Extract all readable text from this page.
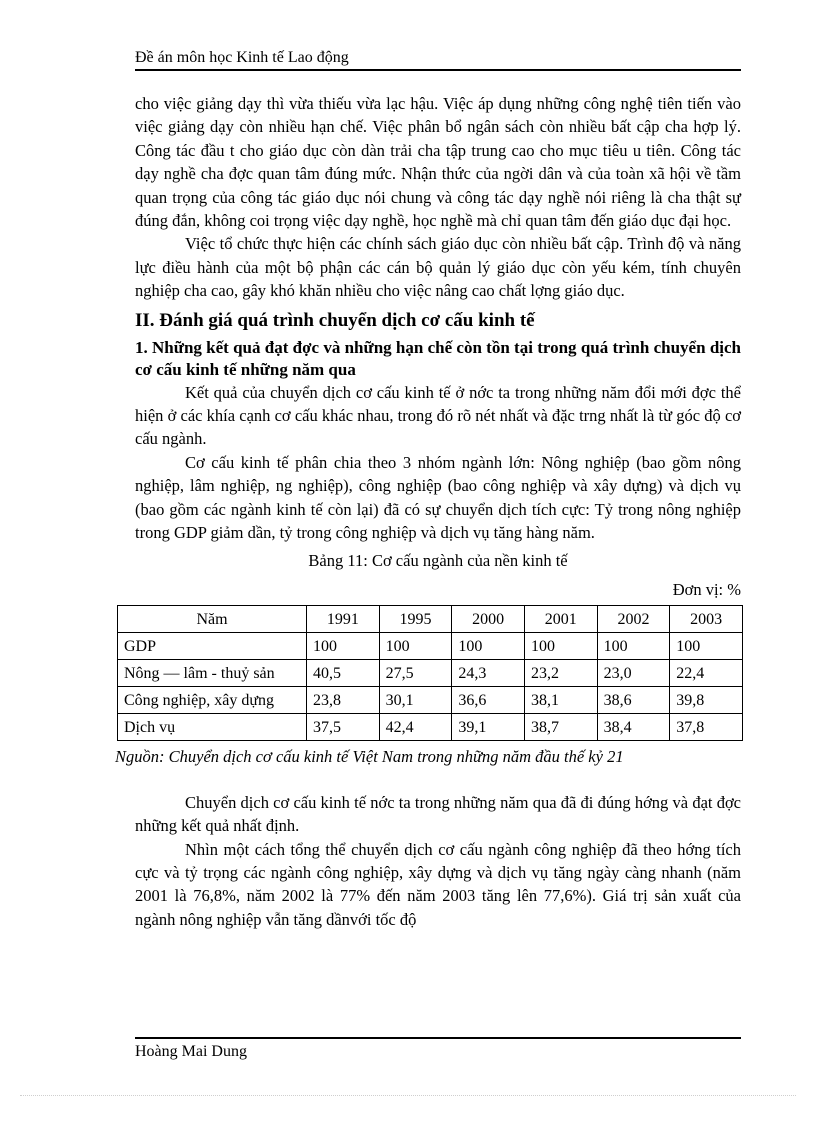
Đề án môn học Kinh tế Lao động

cho việc giảng dạy thì vừa thiếu vừa lạc hậu. Việc áp dụng những công nghệ tiên tiến vào việc giảng dạy còn nhiều hạn chế. Việc phân bổ ngân sách còn nhiều bất cập cha hợp lý. Công tác đầu t cho giáo dục còn dàn trải cha tập trung cao cho mục tiêu u tiên. Công tác dạy nghề cha đợc quan tâm đúng mức. Nhận thức của ngời dân và của toàn xã hội về tầm quan trọng của công tác giáo dục nói chung và công tác dạy nghề nói riêng là cha thật sự đúng đắn, không coi trọng việc dạy nghề, học nghề mà chỉ quan tâm đến giáo dục đại học.

Việc tổ chức thực hiện các chính sách giáo dục còn nhiều bất cập. Trình độ và năng lực điều hành của một bộ phận các cán bộ quản lý giáo dục còn yếu kém, tính chuyên nghiệp cha cao, gây khó khăn nhiều cho việc nâng cao chất lợng giáo dục.

II. Đánh giá quá trình chuyển dịch cơ cấu kinh tế
1. Những kết quả đạt đợc và những hạn chế còn tồn tại trong quá trình chuyển dịch cơ cấu kinh tế những năm qua

Kết quả của chuyển dịch cơ cấu kinh tế ở nớc ta trong những năm đổi mới đợc thể hiện ở các khía cạnh cơ cấu khác nhau, trong đó rõ nét nhất và đặc trng nhất là từ góc độ cơ cấu ngành.

Cơ cấu kinh tế phân chia theo 3 nhóm ngành lớn: Nông nghiệp (bao gồm nông nghiệp, lâm nghiệp, ng nghiệp), công nghiệp (bao công nghiệp và xây dựng) và dịch vụ (bao gồm các ngành kinh tế còn lại) đã có sự chuyển dịch tích cực: Tỷ trong nông nghiệp trong GDP giảm dần, tỷ trong công nghiệp và dịch vụ tăng hàng năm.

Bảng 11: Cơ cấu ngành của nền kinh tế
Đơn vị: %
Năm	1991	1995	2000	2001	2002	2003
GDP	100	100	100	100	100	100
Nông — lâm - thuỷ sản	40,5	27,5	24,3	23,2	23,0	22,4
Công nghiệp, xây dựng	23,8	30,1	36,6	38,1	38,6	39,8
Dịch vụ	37,5	42,4	39,1	38,7	38,4	37,8
Nguồn: Chuyển dịch cơ cấu kinh tế Việt Nam trong những năm đầu thế kỷ 21

Chuyển dịch cơ cấu kinh tế nớc ta trong những năm qua đã đi đúng hớng và đạt đợc những kết quả nhất định.

Nhìn một cách tổng thể chuyển dịch cơ cấu ngành công nghiệp đã theo hớng tích cực và tỷ trọng các ngành công nghiệp, xây dựng và dịch vụ tăng ngày càng nhanh (năm 2001 là 76,8%, năm 2002 là 77% đến năm 2003 tăng lên 77,6%). Giá trị sản xuất của ngành nông nghiệp vẫn tăng dầnvới tốc độ

Hoàng Mai Dung
